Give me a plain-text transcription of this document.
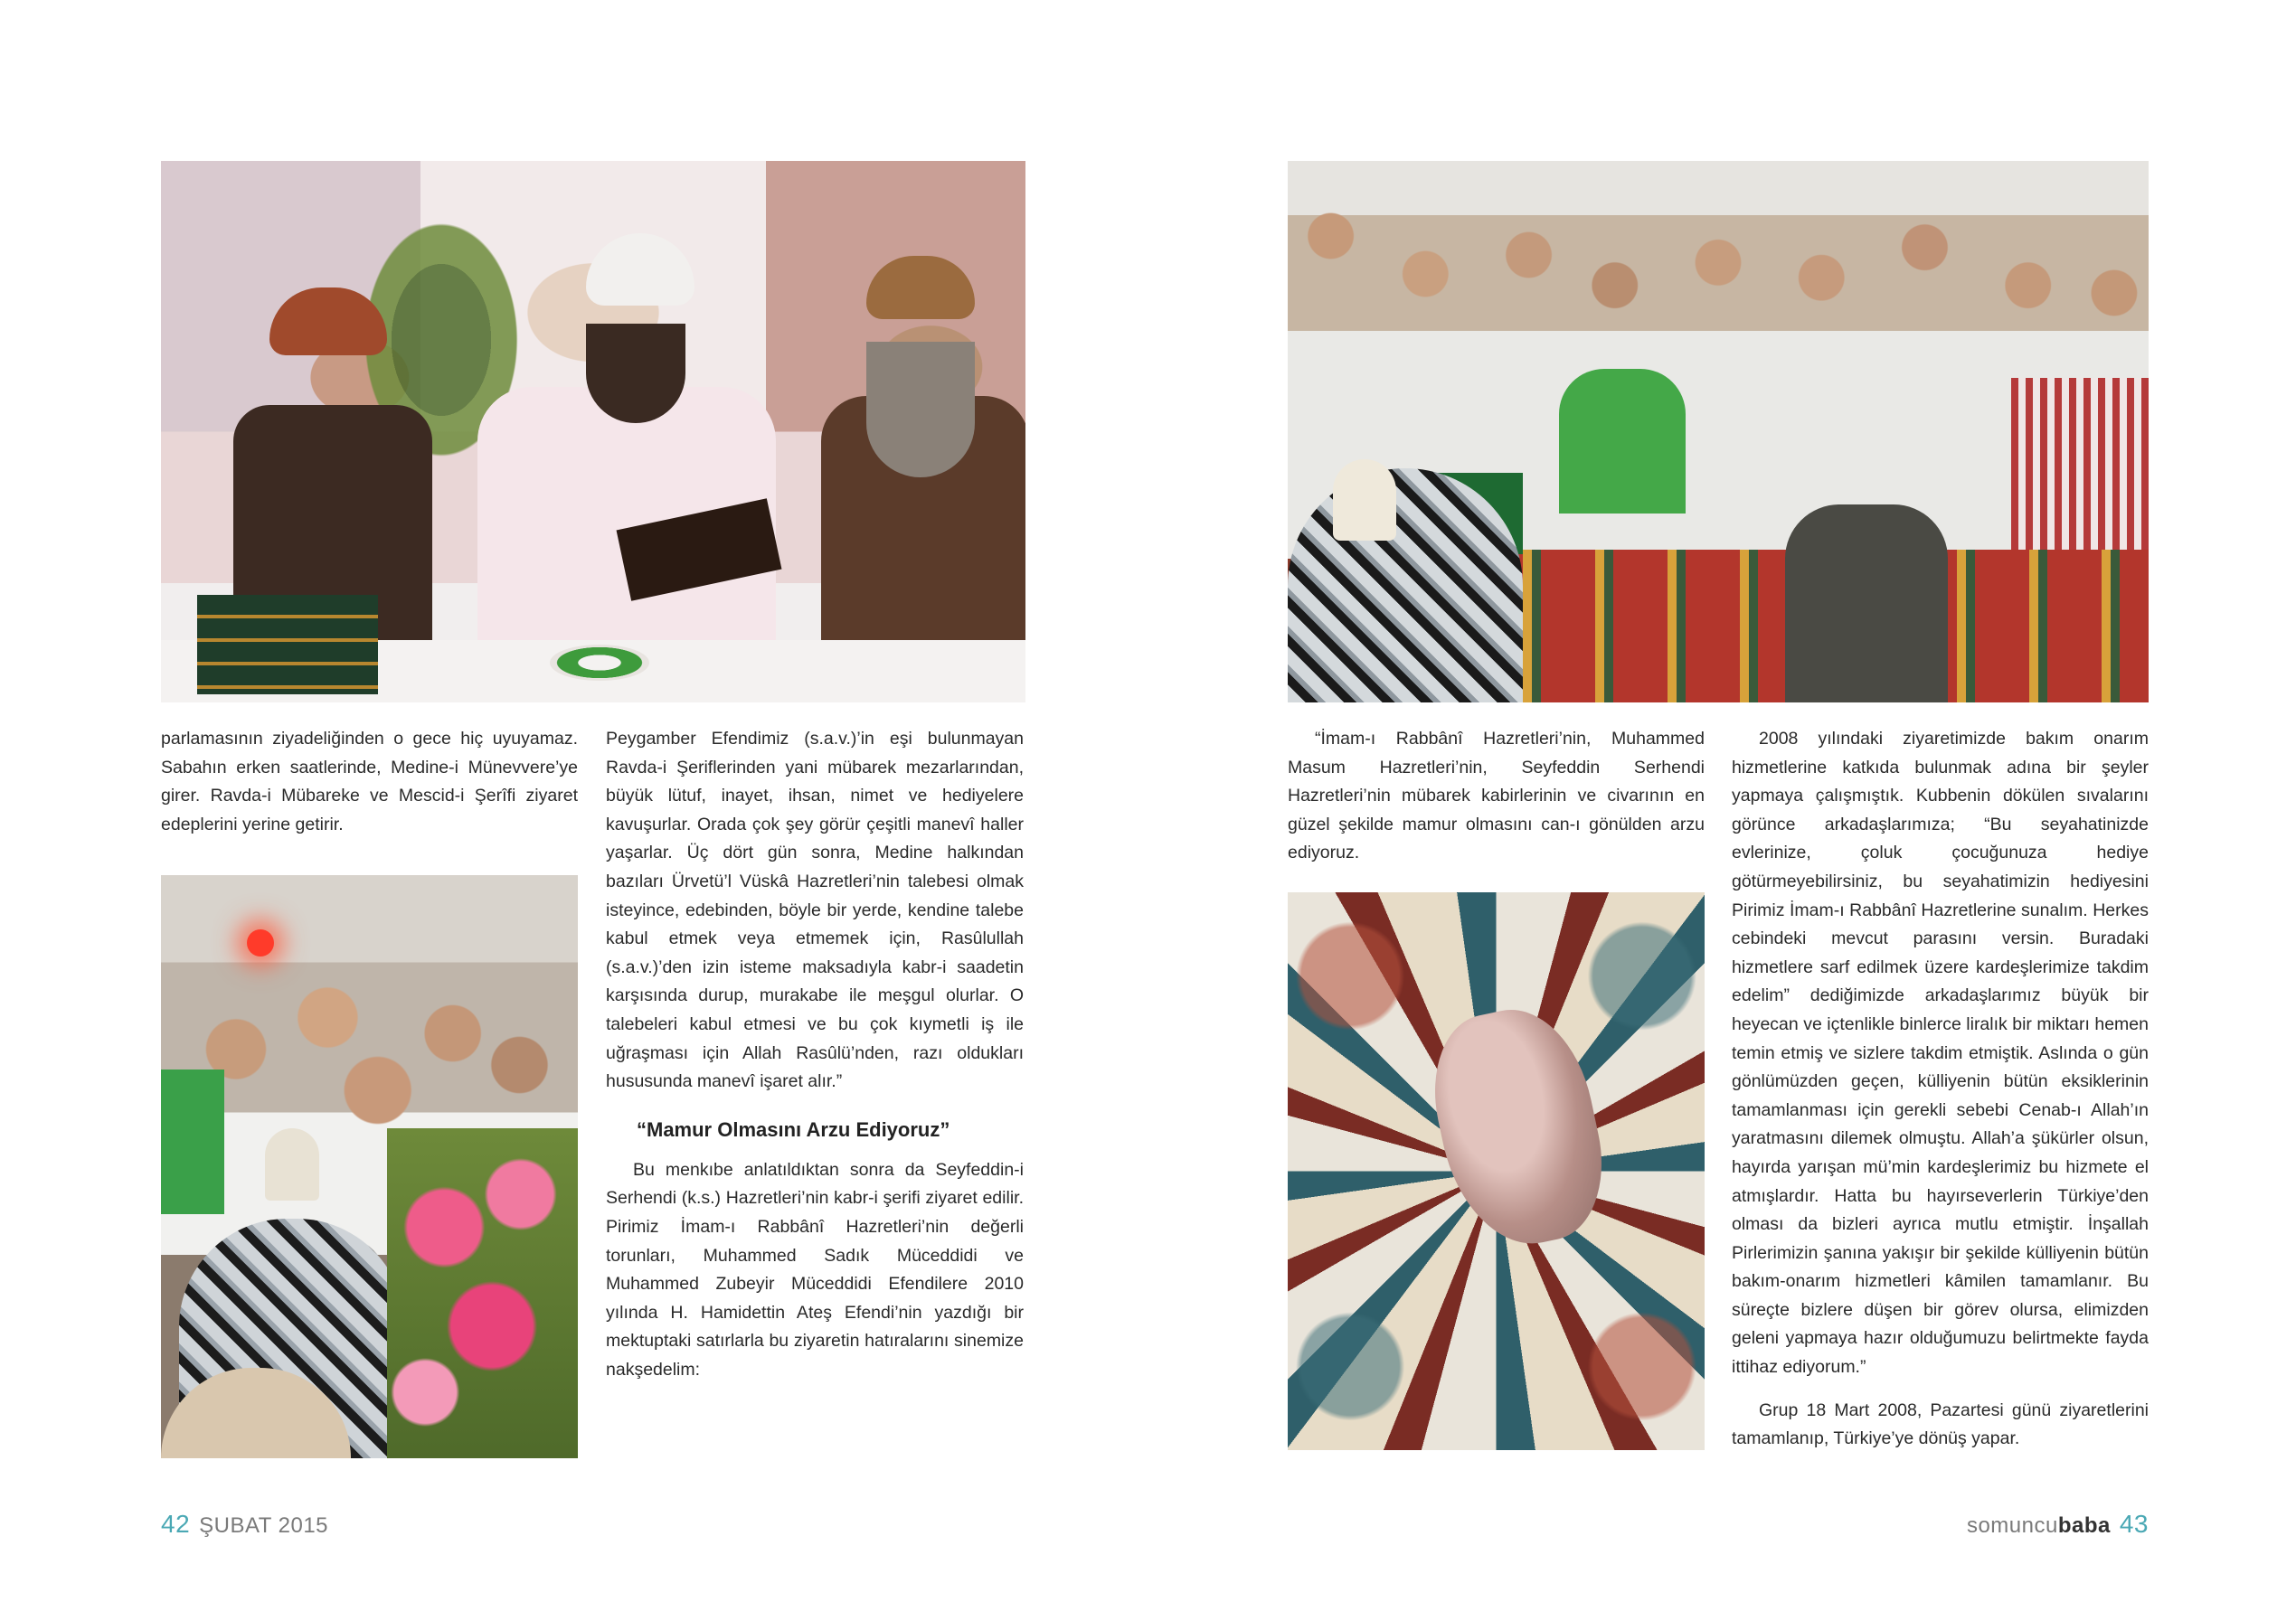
parlamasının ziyadeliğinden o gece hiç uyuyamaz. Sabahın erken saatlerinde, Medine-i Münevvere’ye girer. Ravda-i Mübareke ve Mescid-i Şerîfi ziyaret edeplerini yerine getirir.

Peygamber Efendimiz (s.a.v.)’in eşi bulunmayan Ravda-i Şeriflerinden yani mübarek mezarlarından, büyük lütuf, inayet, ihsan, nimet ve hediyelere kavuşurlar. Orada çok şey görür çeşitli manevî haller yaşarlar. Üç dört gün sonra, Medine halkından bazıları Ürvetü’l Vüskâ Hazretleri’nin talebesi olmak isteyince, edebinden, böyle bir yerde, kendine talebe kabul etmek veya etmemek için, Rasûlullah (s.a.v.)’den izin isteme maksadıyla kabr-i saadetin karşısında durup, murakabe ile meşgul olurlar. O talebeleri kabul etmesi ve bu çok kıymetli iş ile uğraşması için Allah Rasûlü’nden, razı oldukları hususunda manevî işaret alır.”

“Mamur Olmasını Arzu Ediyoruz”

Bu menkıbe anlatıldıktan sonra da Seyfeddin-i Serhendi (k.s.) Hazretleri’nin kabr-i şerifi ziyaret edilir. Pirimiz İmam-ı Rabbânî Hazretleri’nin değerli torunları, Muhammed Sadık Müceddidi ve Muhammed Zubeyir Müceddidi Efendilere 2010 yılında H. Hamidettin Ateş Efendi’nin yazdığı bir mektuptaki satırlarla bu ziyaretin hatıralarını sinemize nakşedelim:

“İmam-ı Rabbânî Hazretleri’nin, Muhammed Masum Hazretleri’nin, Seyfeddin Serhendi Hazretleri’nin mübarek kabirlerinin ve civarının en güzel şekilde mamur olmasını can-ı gönülden arzu ediyoruz.

2008 yılındaki ziyaretimizde bakım onarım hizmetlerine katkıda bulunmak adına bir şeyler yapmaya çalışmıştık. Kubbenin dökülen sıvalarını görünce arkadaşlarımıza; “Bu seyahatinizde evlerinize, çoluk çocuğunuza hediye götürmeyebilirsiniz, bu seyahatimizin hediyesini Pirimiz İmam-ı Rabbânî Hazretlerine sunalım. Herkes cebindeki mevcut parasını versin. Buradaki hizmetlere sarf edilmek üzere kardeşlerimize takdim edelim” dediğimizde arkadaşlarımız büyük bir heyecan ve içtenlikle binlerce liralık bir miktarı hemen temin etmiş ve sizlere takdim etmiştik. Aslında o gün gönlümüzden geçen, külliyenin bütün eksiklerinin tamamlanması için gerekli sebebi Cenab-ı Allah’ın yaratmasını dilemek olmuştu. Allah’a şükürler olsun, hayırda yarışan mü’min kardeşlerimiz bu hizmete el atmışlardır. Hatta bu hayırseverlerin Türkiye’den olması da bizleri ayrıca mutlu etmiştir. İnşallah Pirlerimizin şanına yakışır bir şekilde külliyenin bütün bakım-onarım hizmetleri kâmilen tamamlanır. Bu süreçte bizlere düşen bir görev olursa, elimizden geleni yapmaya hazır olduğumuzu belirtmekte fayda ittihaz ediyorum.”

Grup 18 Mart 2008, Pazartesi günü ziyaretlerini tamamlanıp, Türkiye’ye dönüş yapar.

42 ŞUBAT 2015	somuncubaba 43
